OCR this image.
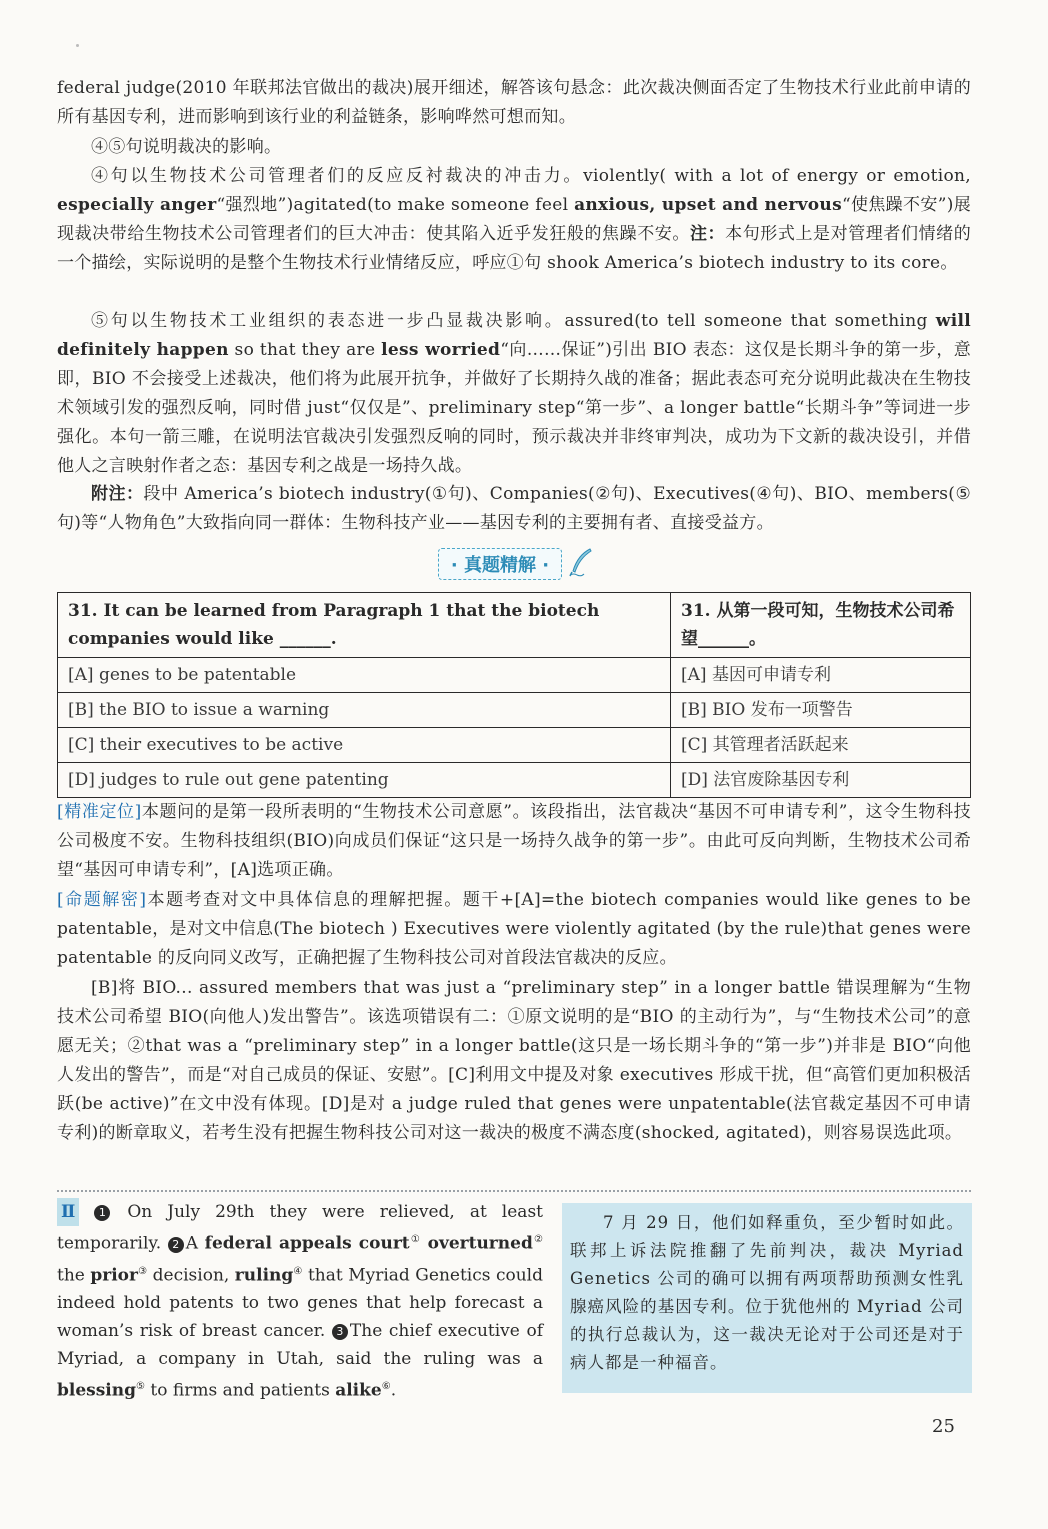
federal judge(2010 年联邦法官做出的裁决)展开细述，解答该句悬念：此次裁决侧面否定了生物技术行业此前申请的所有基因专利，进而影响到该行业的利益链条，影响哗然可想而知。

④⑤句说明裁决的影响。

④句以生物技术公司管理者们的反应反衬裁决的冲击力。violently( with a lot of energy or emotion, especially anger“强烈地”)agitated(to make someone feel anxious, upset and nervous“使焦躁不安”)展现裁决带给生物技术公司管理者们的巨大冲击：使其陷入近乎发狂般的焦躁不安。注：本句形式上是对管理者们情绪的一个描绘，实际说明的是整个生物技术行业情绪反应，呼应①句 shook America’s biotech industry to its core。

⑤句以生物技术工业组织的表态进一步凸显裁决影响。assured(to tell someone that something will definitely happen so that they are less worried“向……保证”)引出 BIO 表态：这仅是长期斗争的第一步，意即，BIO 不会接受上述裁决，他们将为此展开抗争，并做好了长期持久战的准备；据此表态可充分说明此裁决在生物技术领域引发的强烈反响，同时借 just“仅仅是”、preliminary step“第一步”、a longer battle“长期斗争”等词进一步强化。本句一箭三雕，在说明法官裁决引发强烈反响的同时，预示裁决并非终审判决，成功为下文新的裁决设引，并借他人之言映射作者之态：基因专利之战是一场持久战。

附注：段中 America’s biotech industry(①句)、Companies(②句)、Executives(④句)、BIO、members(⑤句)等“人物角色”大致指向同一群体：生物科技产业——基因专利的主要拥有者、直接受益方。

· 真题精解 ·
31. It can be learned from Paragraph 1 that the biotech companies would like ______.	31. 从第一段可知，生物技术公司希望______。
[A] genes to be patentable	[A] 基因可申请专利
[B] the BIO to issue a warning	[B] BIO 发布一项警告
[C] their executives to be active	[C] 其管理者活跃起来
[D] judges to rule out gene patenting	[D] 法官废除基因专利

[精准定位]本题问的是第一段所表明的“生物技术公司意愿”。该段指出，法官裁决“基因不可申请专利”，这令生物科技公司极度不安。生物科技组织(BIO)向成员们保证“这只是一场持久战争的第一步”。由此可反向判断，生物技术公司希望“基因可申请专利”，[A]选项正确。

[命题解密]本题考查对文中具体信息的理解把握。题干+[A]=the biotech companies would like genes to be patentable，是对文中信息(The biotech ) Executives were violently agitated (by the rule)that genes were patentable 的反向同义改写，正确把握了生物科技公司对首段法官裁决的反应。

[B]将 BIO... assured members that was just a “preliminary step” in a longer battle 错误理解为“生物技术公司希望 BIO(向他人)发出警告”。该选项错误有二：①原文说明的是“BIO 的主动行为”，与“生物技术公司”的意愿无关；②that was a “preliminary step” in a longer battle(这只是一场长期斗争的“第一步”)并非是 BIO“向他人发出的警告”，而是“对自己成员的保证、安慰”。[C]利用文中提及对象 executives 形成干扰，但“高管们更加积极活跃(be active)”在文中没有体现。[D]是对 a judge ruled that genes were unpatentable(法官裁定基因不可申请专利)的断章取义，若考生没有把握生物科技公司对这一裁决的极度不满态度(shocked, agitated)，则容易误选此项。

Ⅱ 1 On July 29th they were relieved, at least temporarily. 2 A federal appeals court① overturned② the prior③ decision, ruling④ that Myriad Genetics could indeed hold patents to two genes that help forecast a woman’s risk of breast cancer. 3 The chief executive of Myriad, a company in Utah, said the ruling was a blessing⑤ to firms and patients alike⑥.

7 月 29 日，他们如释重负，至少暂时如此。联邦上诉法院推翻了先前判决，裁决 Myriad Genetics 公司的确可以拥有两项帮助预测女性乳腺癌风险的基因专利。位于犹他州的 Myriad 公司的执行总裁认为，这一裁决无论对于公司还是对于病人都是一种福音。
25
